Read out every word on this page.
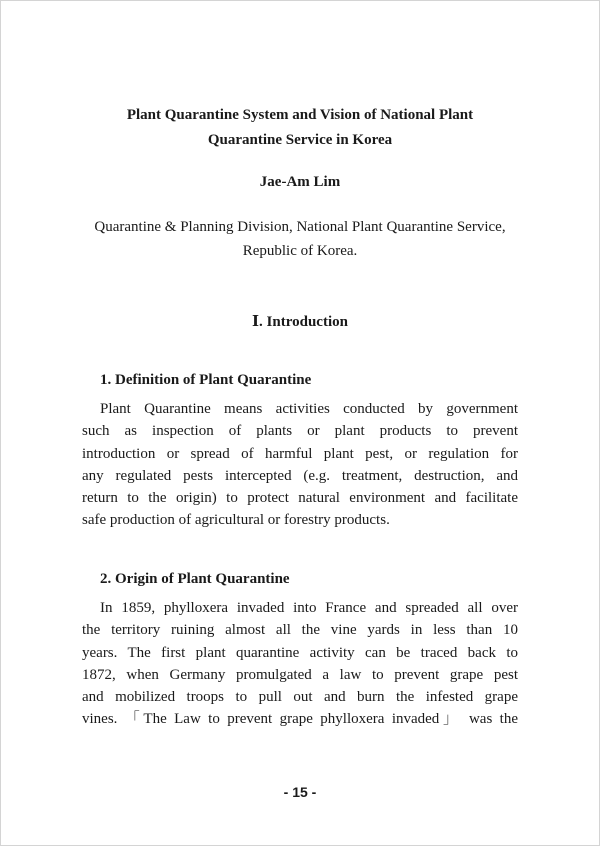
Plant Quarantine System and Vision of National Plant
Quarantine Service in Korea
Jae-Am Lim
Quarantine & Planning Division, National Plant Quarantine Service,
Republic of Korea.
Ⅰ. Introduction
1. Definition of Plant Quarantine
Plant Quarantine means activities conducted by government
such as inspection of plants or plant products to prevent
introduction or spread of harmful plant pest, or regulation for
any regulated pests intercepted (e.g. treatment, destruction, and
return to the origin) to protect natural environment and facilitate
safe production of agricultural or forestry products.
2. Origin of Plant Quarantine
In 1859, phylloxera invaded into France and spreaded all over
the territory ruining almost all the vine yards in less than 10
years. The first plant quarantine activity can be traced back to
1872, when Germany promulgated a law to prevent grape pest
and mobilized troops to pull out and burn the infested grape
vines. 「The Law to prevent grape phylloxera invaded」 was the
- 15 -
